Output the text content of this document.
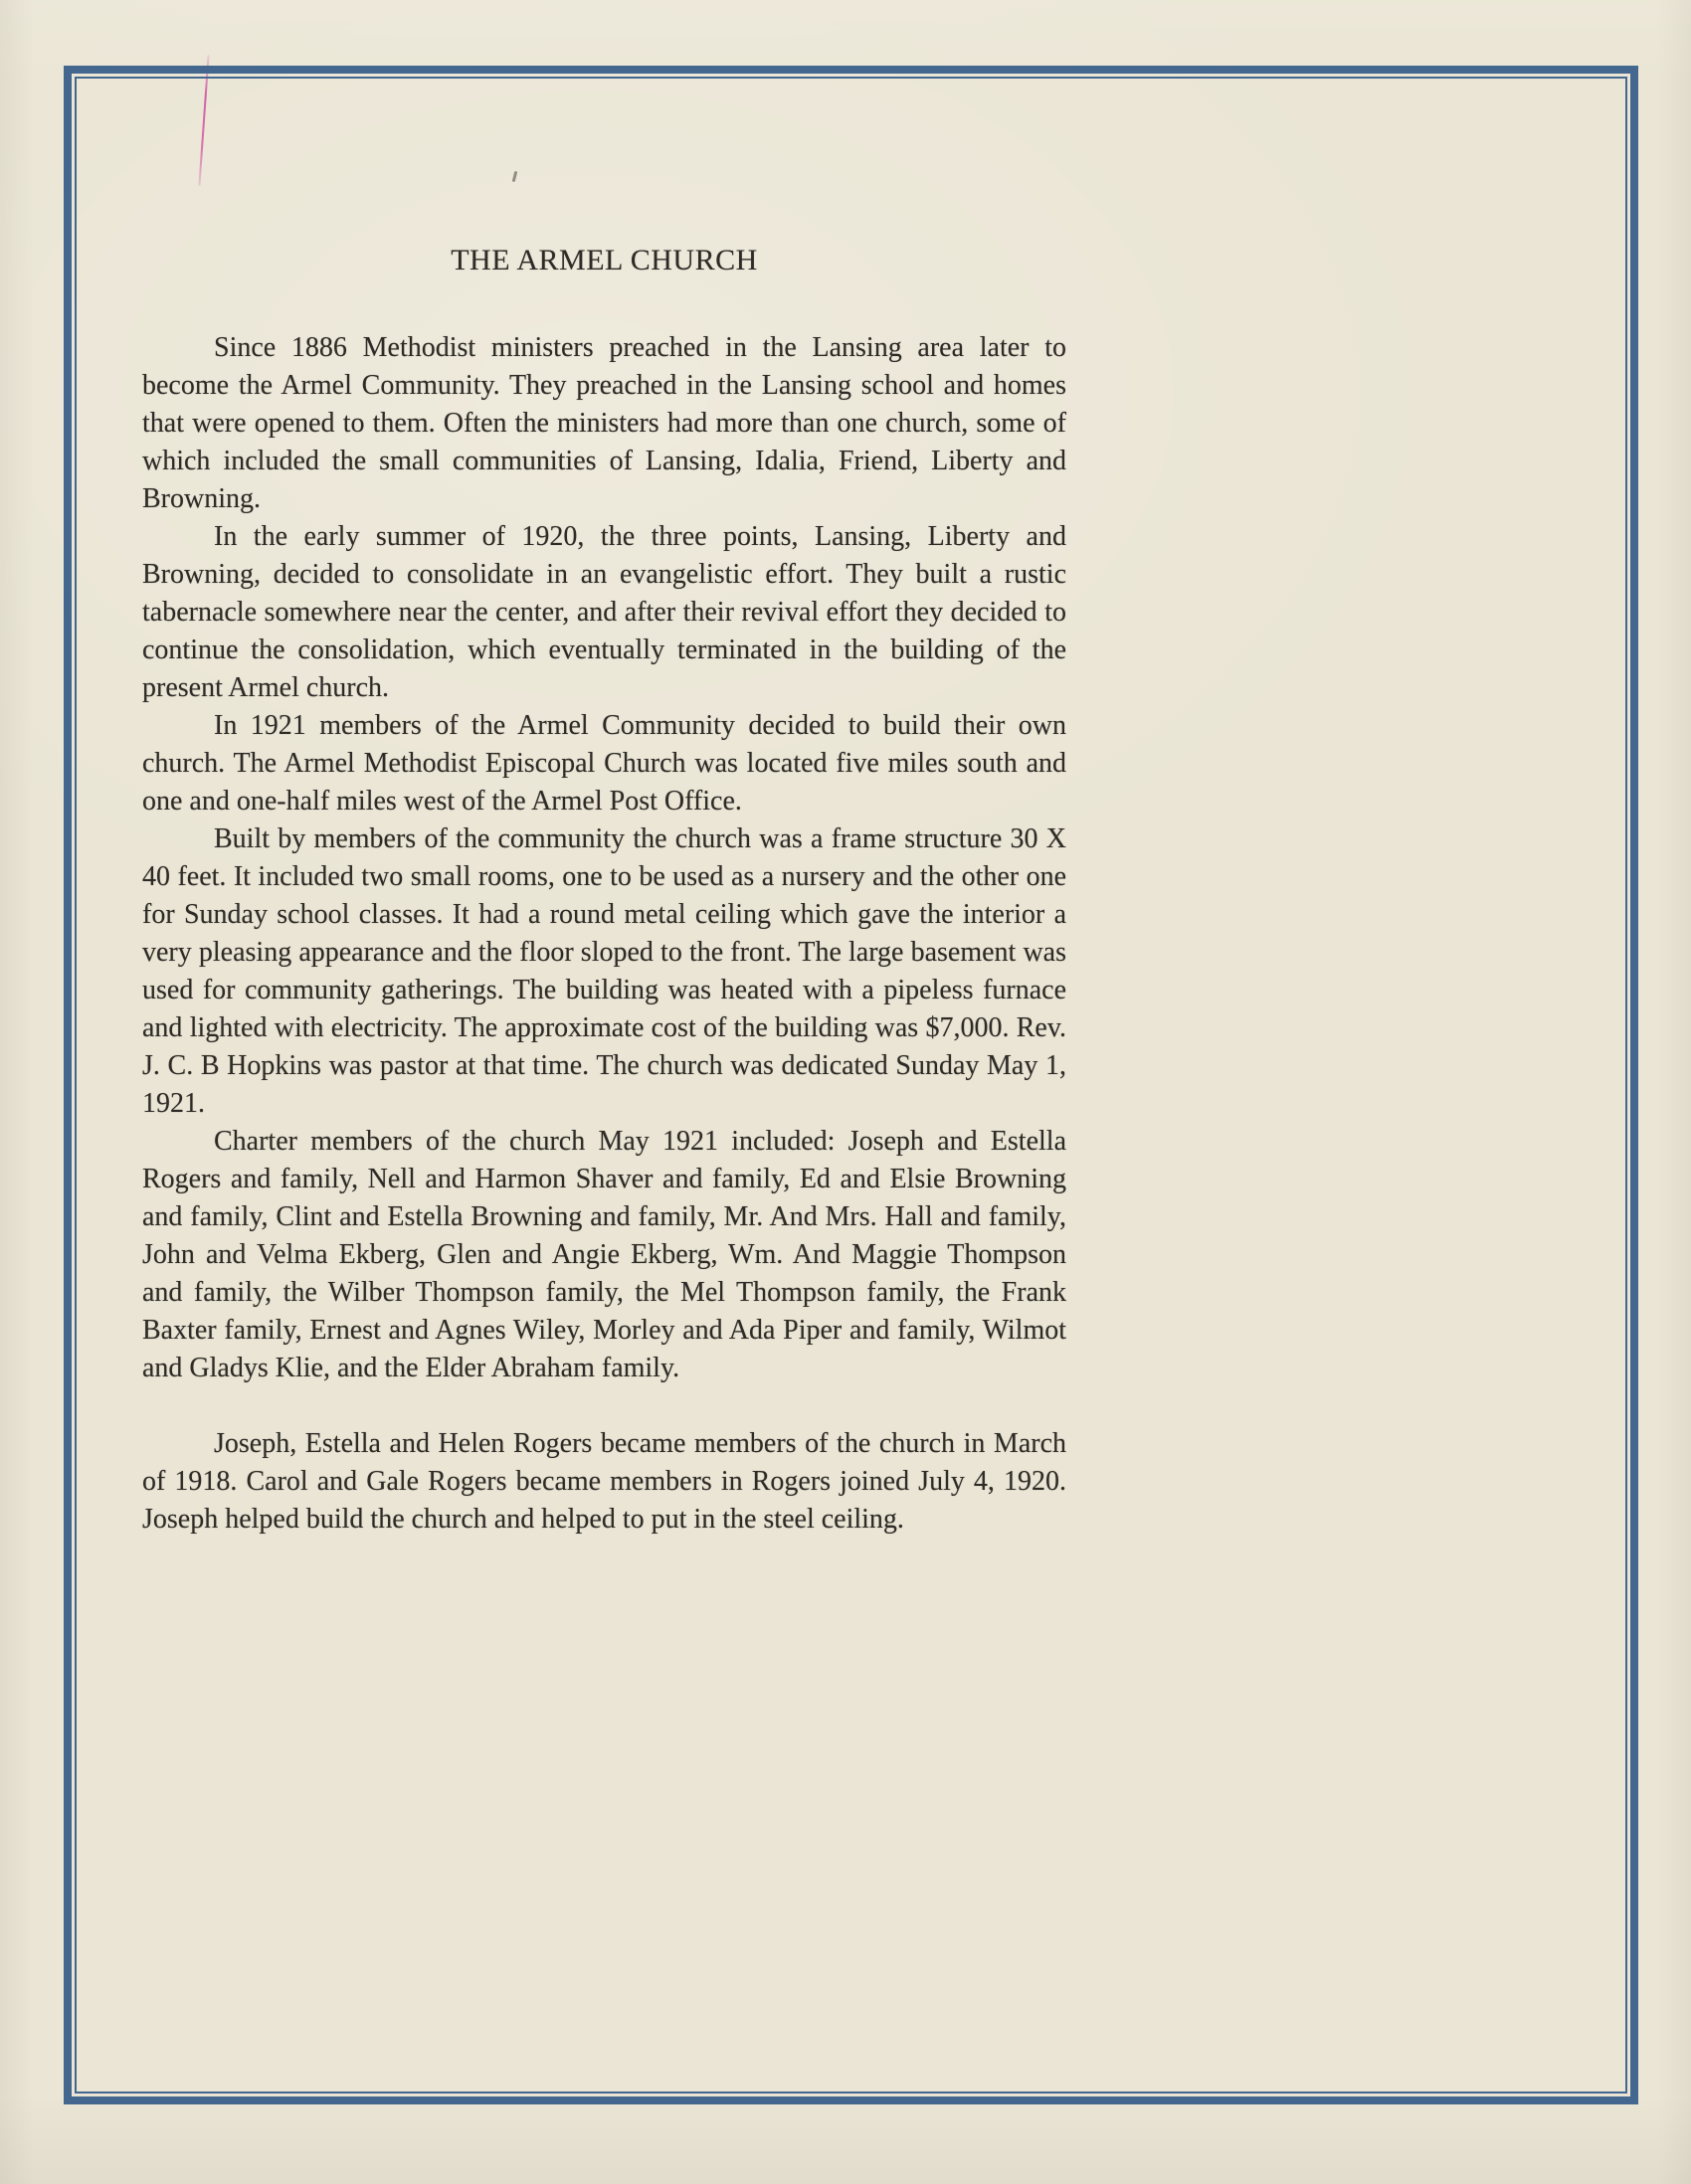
THE ARMEL CHURCH

Since 1886 Methodist ministers preached in the Lansing area later to become the Armel Community. They preached in the Lansing school and homes that were opened to them. Often the ministers had more than one church, some of which included the small communities of Lansing, Idalia, Friend, Liberty and Browning.

In the early summer of 1920, the three points, Lansing, Liberty and Browning, decided to consolidate in an evangelistic effort. They built a rustic tabernacle somewhere near the center, and after their revival effort they decided to continue the consolidation, which eventually terminated in the building of the present Armel church.

In 1921 members of the Armel Community decided to build their own church. The Armel Methodist Episcopal Church was located five miles south and one and one-half miles west of the Armel Post Office.

Built by members of the community the church was a frame structure 30 X 40 feet. It included two small rooms, one to be used as a nursery and the other one for Sunday school classes. It had a round metal ceiling which gave the interior a very pleasing appearance and the floor sloped to the front. The large basement was used for community gatherings. The building was heated with a pipeless furnace and lighted with electricity. The approximate cost of the building was $7,000. Rev. J. C. B Hopkins was pastor at that time. The church was dedicated Sunday May 1, 1921.

Charter members of the church May 1921 included: Joseph and Estella Rogers and family, Nell and Harmon Shaver and family, Ed and Elsie Browning and family, Clint and Estella Browning and family, Mr. And Mrs. Hall and family, John and Velma Ekberg, Glen and Angie Ekberg, Wm. And Maggie Thompson and family, the Wilber Thompson family, the Mel Thompson family, the Frank Baxter family, Ernest and Agnes Wiley, Morley and Ada Piper and family, Wilmot and Gladys Klie, and the Elder Abraham family.

Joseph, Estella and Helen Rogers became members of the church in March of 1918. Carol and Gale Rogers became members in Rogers joined July 4, 1920. Joseph helped build the church and helped to put in the steel ceiling.
